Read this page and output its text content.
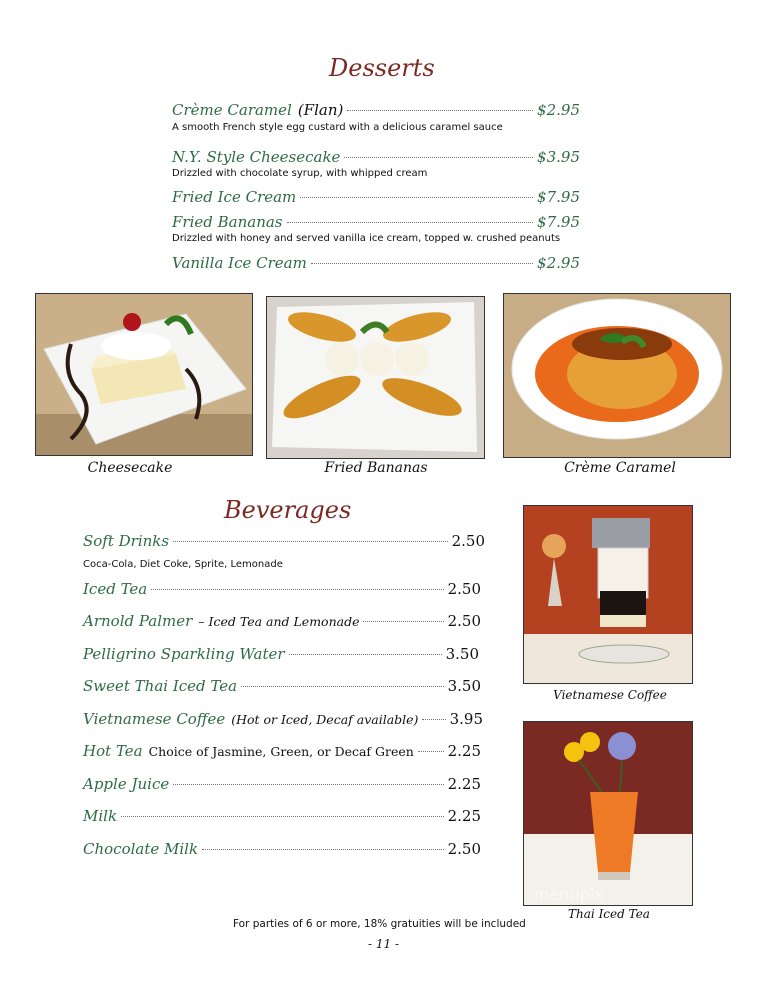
Desserts
Crème Caramel (Flan)	$2.95
A smooth French style egg custard with a delicious caramel sauce
N.Y. Style Cheesecake	$3.95
Drizzled with chocolate syrup, with whipped cream
Fried Ice Cream	$7.95
Fried Bananas	$7.95
Drizzled with honey and served vanilla ice cream, topped w. crushed peanuts
Vanilla Ice Cream	$2.95
Cheesecake	Fried Bananas	Crème Caramel
Beverages
Soft Drinks	2.50
Coca-Cola, Diet Coke, Sprite, Lemonade
Iced Tea	2.50
Arnold Palmer – Iced Tea and Lemonade	2.50
Pelligrino Sparkling Water	3.50
Sweet Thai Iced Tea	3.50
Vietnamese Coffee (Hot or Iced, Decaf available) 3.95
Hot Tea Choice of Jasmine, Green, or Decaf Green 2.25
Apple Juice	2.25
Milk	2.25
Chocolate Milk	2.50
Vietnamese Coffee
menupix
Thai Iced Tea
For parties of 6 or more, 18% gratuities will be included
- 11 -
